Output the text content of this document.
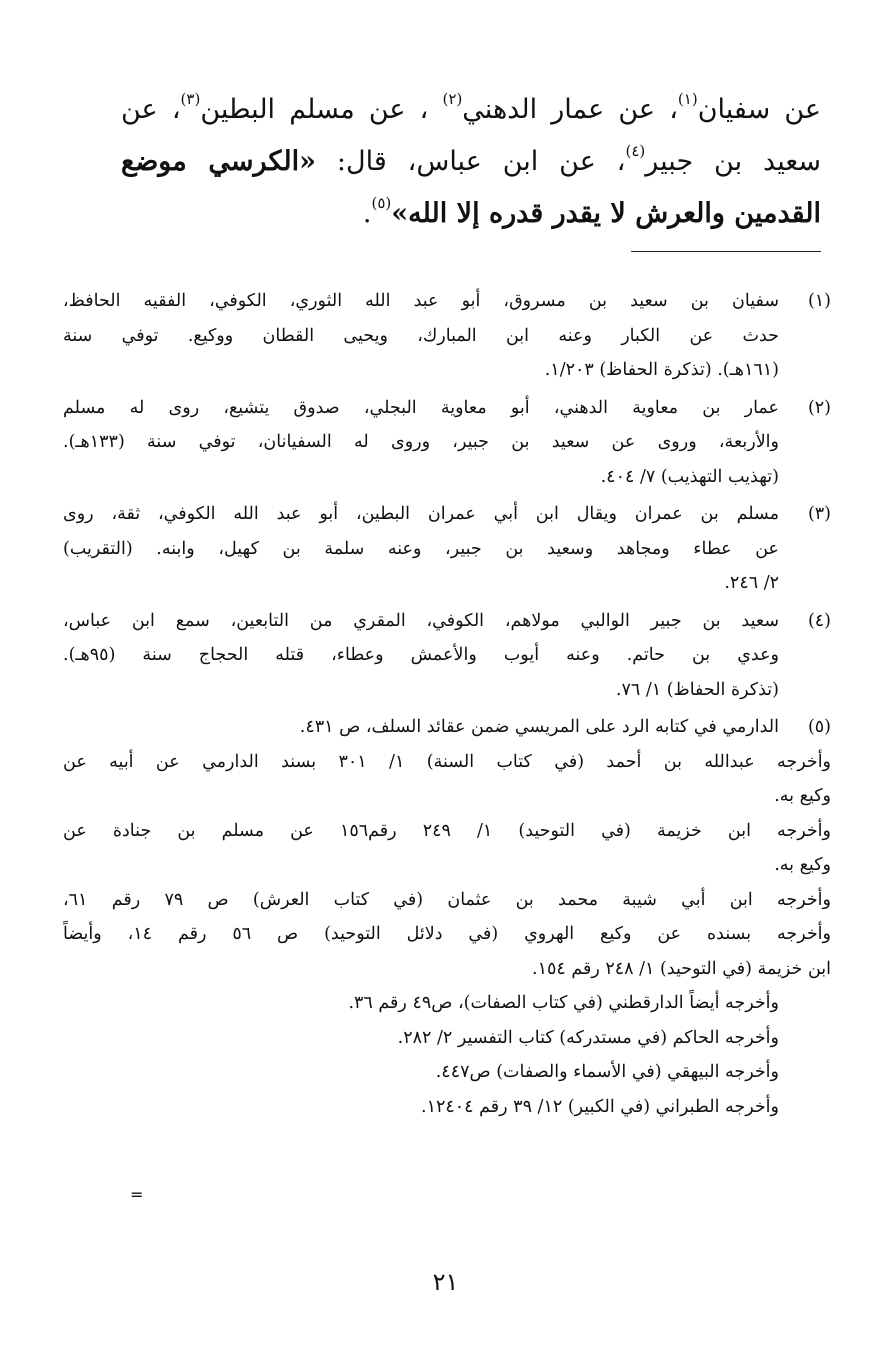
عن سفيان$^{(١)}$، عن عمار الدهني$^{(٢)}$ ، عن مسلم البطين$^{(٣)}$، عن
سعيد بن جبير$^{(٤)}$، عن ابن عباس، قال: «الكرسي موضع
القدمين والعرش لا يقدر قدره إلا الله»$^{(٥)}$.
(١)
سفيان بن سعيد بن مسروق، أبو عبد الله الثوري، الكوفي، الفقيه الحافظ،
حدث عن الكبار وعنه ابن المبارك، ويحيى القطان ووكيع. توفي سنة
(١٦١هـ). (تذكرة الحفاظ) ١/٢٠٣.
(٢)
عمار بن معاوية الدهني، أبو معاوية البجلي، صدوق يتشيع، روى له مسلم
والأربعة، وروى عن سعيد بن جبير، وروى له السفيانان، توفي سنة (١٣٣هـ).
(تهذيب التهذيب) ٧/ ٤٠٤.
(٣)
مسلم بن عمران ويقال ابن أبي عمران البطين، أبو عبد الله الكوفي، ثقة، روى
عن عطاء ومجاهد وسعيد بن جبير، وعنه سلمة بن كهيل، وابنه. (التقريب)
٢/ ٢٤٦.
(٤)
سعيد بن جبير الوالبي مولاهم، الكوفي، المقري من التابعين، سمع ابن عباس،
وعدي بن حاتم. وعنه أيوب والأعمش وعطاء، قتله الحجاج سنة (٩٥هـ).
(تذكرة الحفاظ) ١/ ٧٦.
(٥)
الدارمي في كتابه الرد على المريسي ضمن عقائد السلف، ص ٤٣١.
وأخرجه عبدالله بن أحمد (في كتاب السنة) ١/ ٣٠١ بسند الدارمي عن أبيه عن
وكيع به.
وأخرجه ابن خزيمة (في التوحيد) ١/ ٢٤٩ رقم١٥٦ عن مسلم بن جنادة عن
وكيع به.
وأخرجه ابن أبي شيبة محمد بن عثمان (في كتاب العرش) ص ٧٩ رقم ٦١،
وأخرجه بسنده عن وكيع الهروي (في دلائل التوحيد) ص ٥٦ رقم ١٤، وأيضاً
ابن خزيمة (في التوحيد) ١/ ٢٤٨ رقم ١٥٤.
وأخرجه أيضاً الدارقطني (في كتاب الصفات)، ص٤٩ رقم ٣٦.
وأخرجه الحاكم (في مستدركه) كتاب التفسير ٢/ ٢٨٢.
وأخرجه البيهقي (في الأسماء والصفات) ص٤٤٧.
وأخرجه الطبراني (في الكبير) ١٢/ ٣٩ رقم ١٢٤٠٤.
=
٢١
